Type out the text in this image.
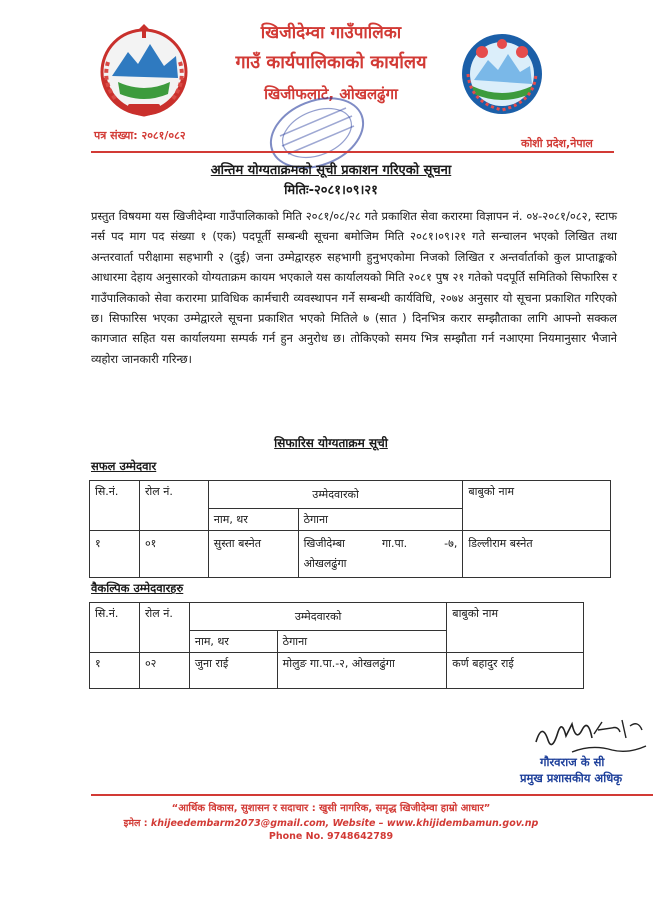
खिजीदेम्वा गाउँपालिका
गाउँ कार्यपालिकाको कार्यालय
खिजीफलाटे, ओखलढुंगा
पत्र संख्या: २०८१/०८२
कोशी प्रदेश,नेपाल
अन्तिम योग्यताक्रमको सूची प्रकाशन गरिएको सूचना
मितिः-२०८१।०९।२१
प्रस्तुत विषयमा यस खिजीदेम्वा गाउँपालिकाको मिति २०८१/०८/२८ गते प्रकाशित सेवा करारमा विज्ञापन नं. ०४-२०८१/०८२, स्टाफ नर्स पद माग पद संख्या १ (एक) पदपूर्ती सम्बन्धी सूचना बमोजिम मिति २०८१।०९।२१ गते सन्चालन भएको लिखित तथा अन्तरवार्ता परीक्षामा सहभागी २ (दुई) जना उम्मेद्वारहरु सहभागी हुनुभएकोमा निजको लिखित र अन्तर्वार्ताको कुल प्राप्ताङ्कको आधारमा देहाय अनुसारको योग्यताक्रम कायम भएकाले यस कार्यालयको मिति २०८१ पुष २१ गतेको पदपूर्ति समितिको सिफारिस र गाउँपालिकाको सेवा करारमा प्राविधिक कार्मचारी व्यवस्थापन गर्ने सम्बन्धी कार्यविधि, २०७४ अनुसार यो सूचना प्रकाशित गरिएको छ। सिफारिस भएका उम्मेद्वारले सूचना प्रकाशित भएको मितिले ७ (सात ) दिनभित्र करार सम्झौताका लागि आफ्नो सक्कल कागजात सहित यस कार्यालयमा सम्पर्क गर्न हुन अनुरोध छ। तोकिएको समय भित्र सम्झौता गर्न नआएमा नियमानुसार भैजाने व्यहोरा जानकारी गरिन्छ।
सिफारिस योग्यताक्रम सूची
सफल उम्मेदवार
सि.नं.	रोल नं.	उम्मेदवारको		बाबुको नाम
		नाम, थर	ठेगाना	
१	०१	सुस्ता बस्नेत	खिजीदेम्बा गा.पा. -७,
ओखलढुंगा	डिल्लीराम बस्नेत
वैकल्पिक उम्मेदवारहरु
सि.नं.	रोल नं.	उम्मेदवारको		बाबुको नाम
		नाम, थर	ठेगाना	
१	०२	जुना राई	मोलुङ गा.पा.-२, ओखलढुंगा	कर्ण बहादुर राई
गौरवराज के सी
प्रमुख प्रशासकीय अधिकृ
“आर्थिक विकास, सुशासन र सदाचार : खुसी नागरिक, समृद्ध खिजीदेम्वा हाम्रो आधार”
इमेल : khijeedembarm2073@gmail.com, Website – www.khijidembamun.gov.np
Phone No. 9748642789
